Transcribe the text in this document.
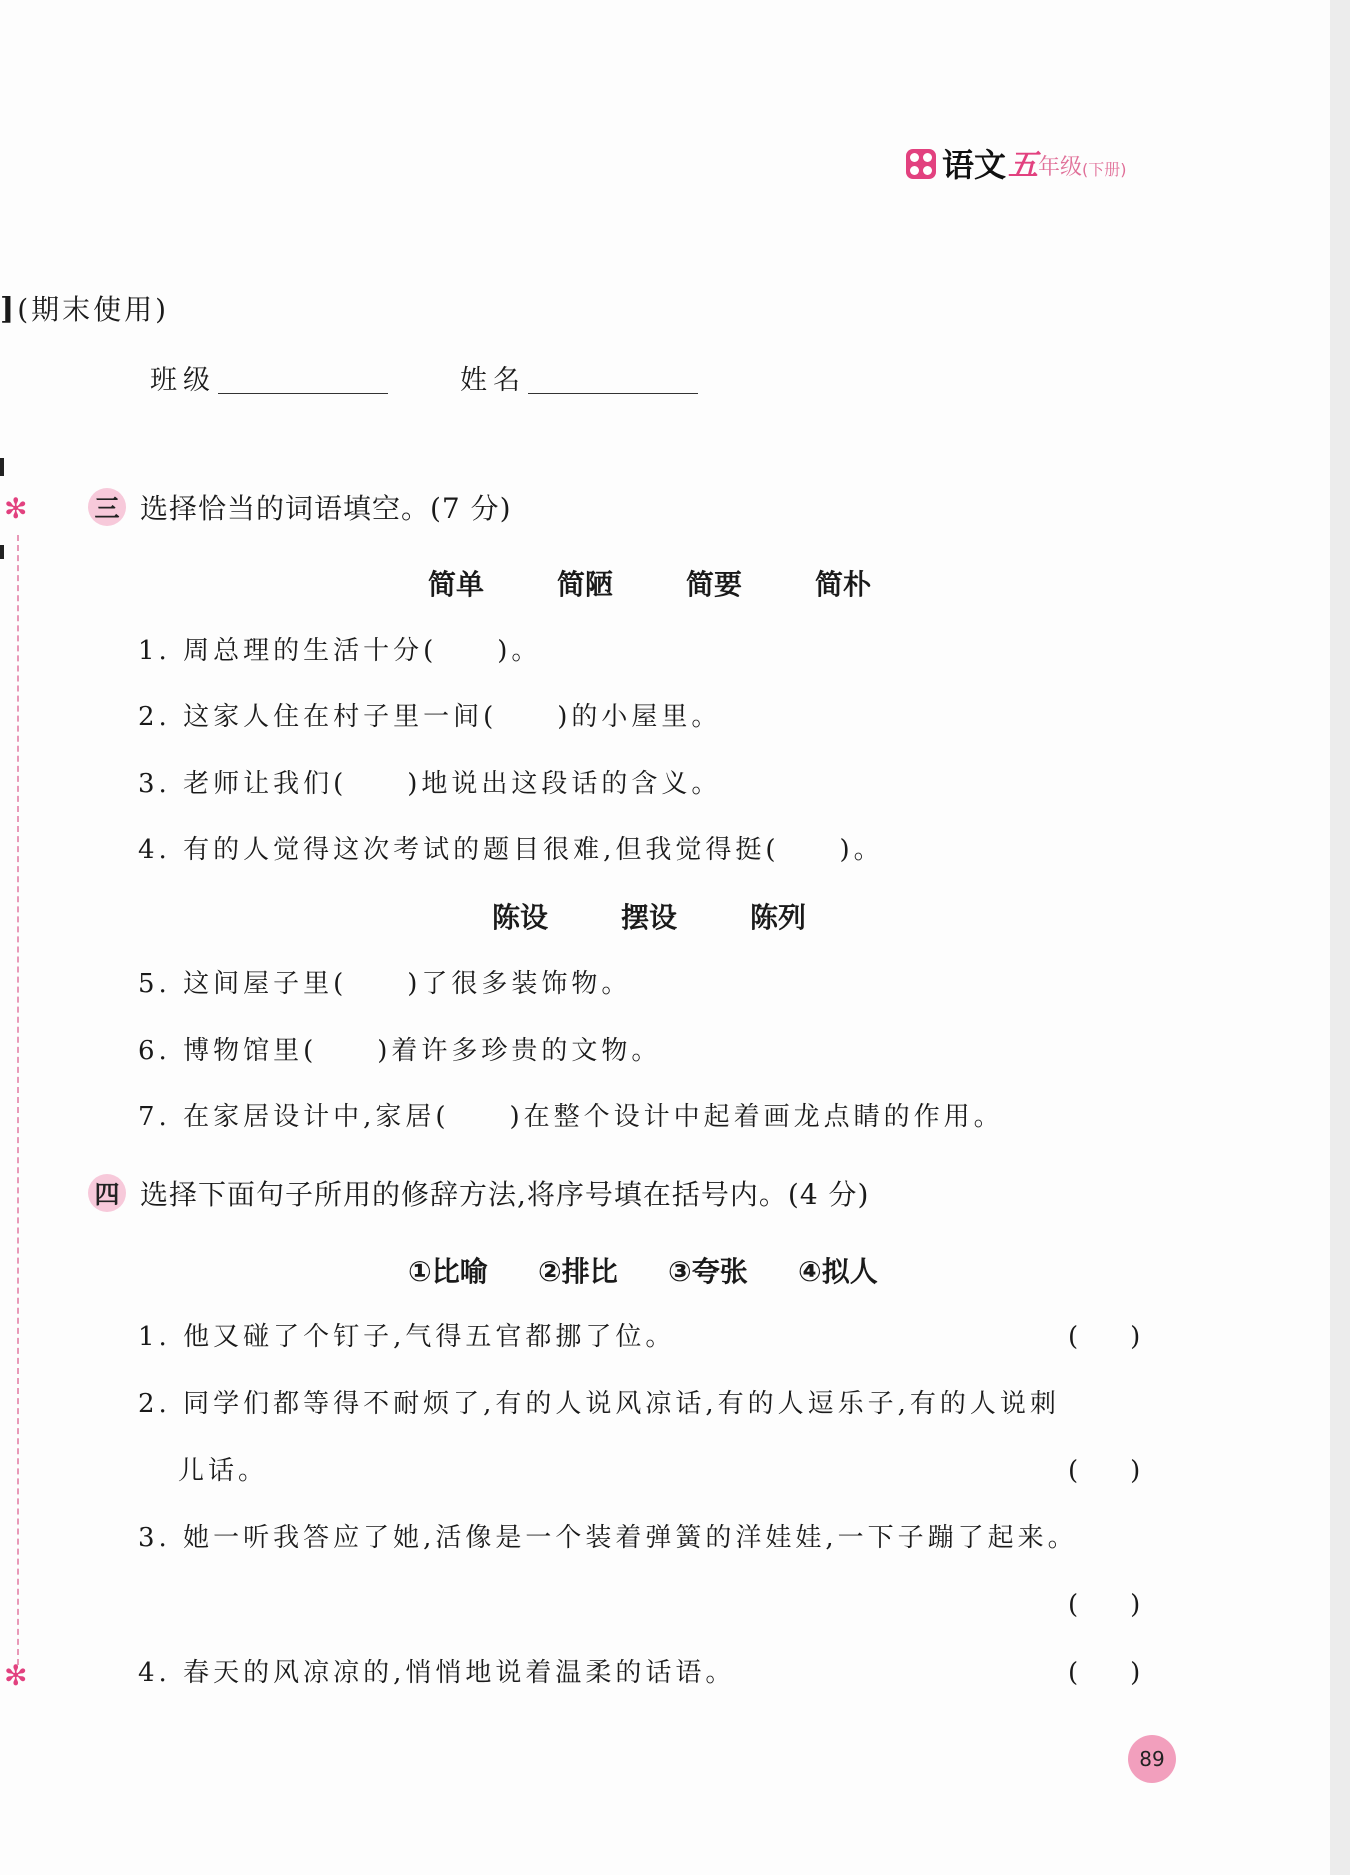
语文 五 年级 (下册)
](期末使用)
班级	姓名
✻
✻
三 选择恰当的词语填空。(7 分)
简单	简陋	简要	简朴
1. 周总理的生活十分(　　)。
2. 这家人住在村子里一间(　　)的小屋里。
3. 老师让我们(　　)地说出这段话的含义。
4. 有的人觉得这次考试的题目很难,但我觉得挺(　　)。
陈设	摆设	陈列
5. 这间屋子里(　　)了很多装饰物。
6. 博物馆里(　　)着许多珍贵的文物。
7. 在家居设计中,家居(　　)在整个设计中起着画龙点睛的作用。
四 选择下面句子所用的修辞方法,将序号填在括号内。(4 分)
①比喻	②排比	③夸张	④拟人
1. 他又碰了个钉子,气得五官都挪了位。	(　　)
2. 同学们都等得不耐烦了,有的人说风凉话,有的人逗乐子,有的人说刺
儿话。	(　　)
3. 她一听我答应了她,活像是一个装着弹簧的洋娃娃,一下子蹦了起来。
(　　)
4. 春天的风凉凉的,悄悄地说着温柔的话语。	(　　)
89
